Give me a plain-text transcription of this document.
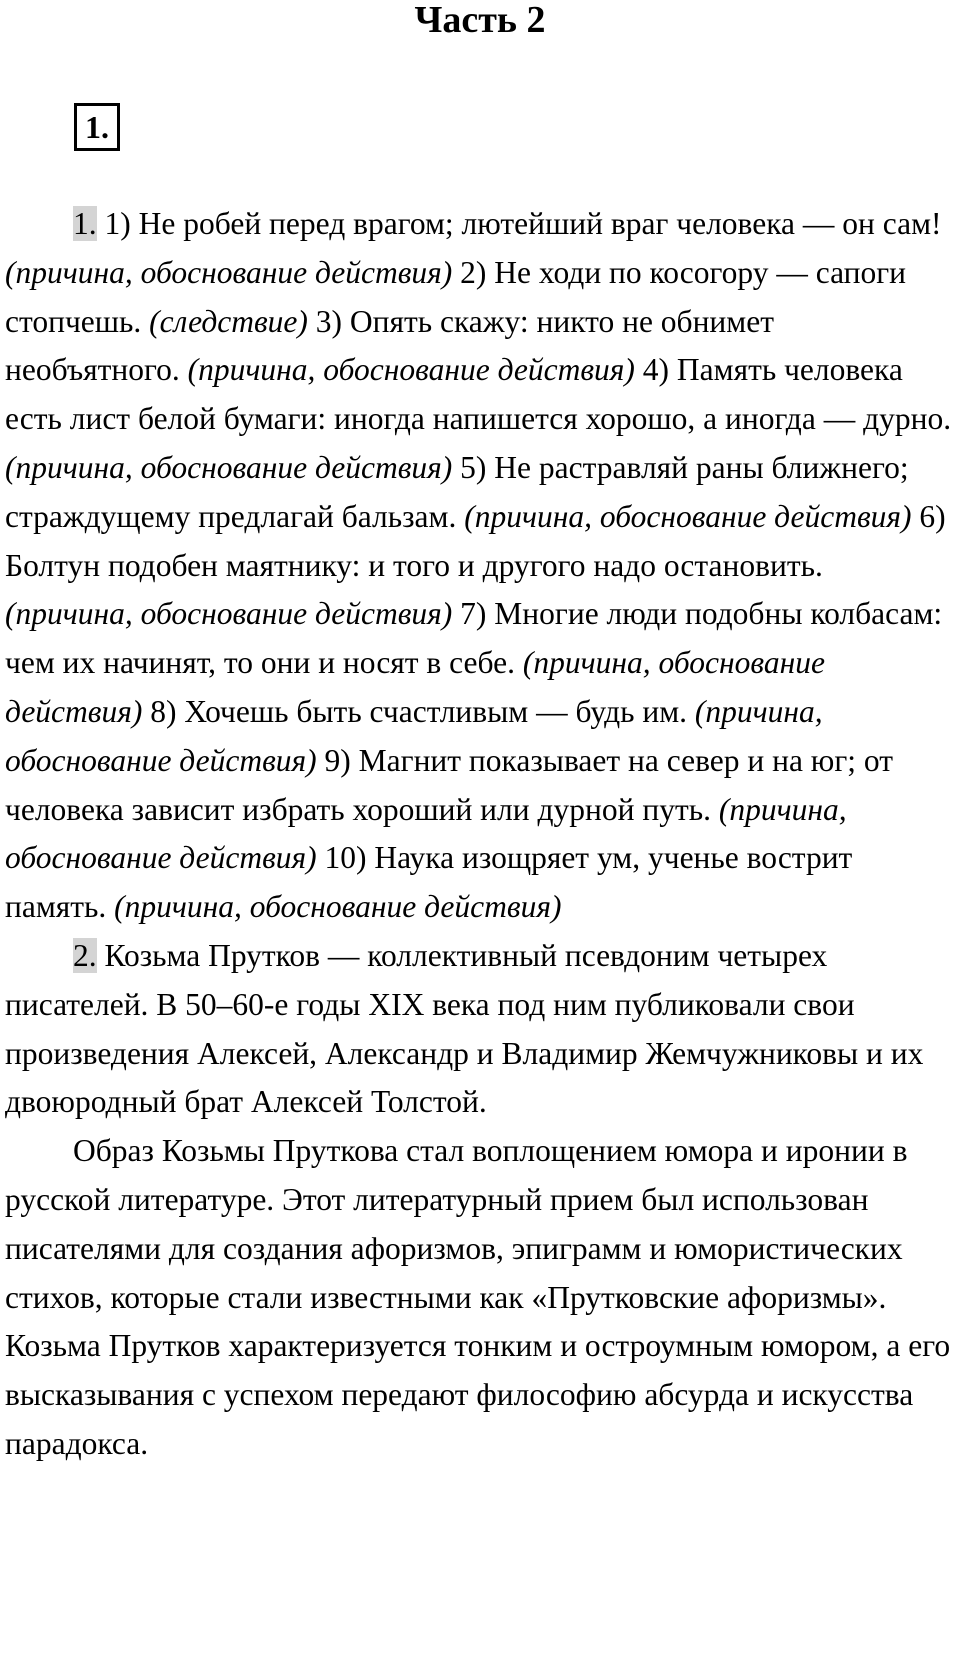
Часть 2
1.

1. 1) Не робей перед врагом; лютейший враг человека — он сам! (причина, обоснование действия) 2) Не ходи по косогору — сапоги стопчешь. (следствие) 3) Опять скажу: никто не обнимет необъятного. (причина, обоснование действия) 4) Память человека есть лист белой бумаги: иногда напишется хорошо, а иногда — дурно. (причина, обоснование действия) 5) Не растравляй раны ближнего; страждущему предлагай бальзам. (причина, обоснование действия) 6) Болтун подобен маятнику: и того и другого надо остановить. (причина, обоснование действия) 7) Многие люди подобны колбасам: чем их начинят, то они и носят в себе. (причина, обоснование действия) 8) Хочешь быть счастливым — будь им. (причина, обоснование действия) 9) Магнит показывает на север и на юг; от человека зависит избрать хороший или дурной путь. (причина, обоснование действия) 10) Наука изощряет ум, ученье вострит память. (причина, обоснование действия)

2. Козьма Прутков — коллективный псевдоним четырех писателей. В 50–60-е годы XIX века под ним публиковали свои произведения Алексей, Александр и Владимир Жемчужниковы и их двоюродный брат Алексей Толстой.

Образ Козьмы Пруткова стал воплощением юмора и иронии в русской литературе. Этот литературный прием был использован писателями для создания афоризмов, эпиграмм и юмористических стихов, которые стали известными как «Прутковские афоризмы». Козьма Прутков характеризуется тонким и остроумным юмором, а его высказывания с успехом передают философию абсурда и искусства парадокса.
